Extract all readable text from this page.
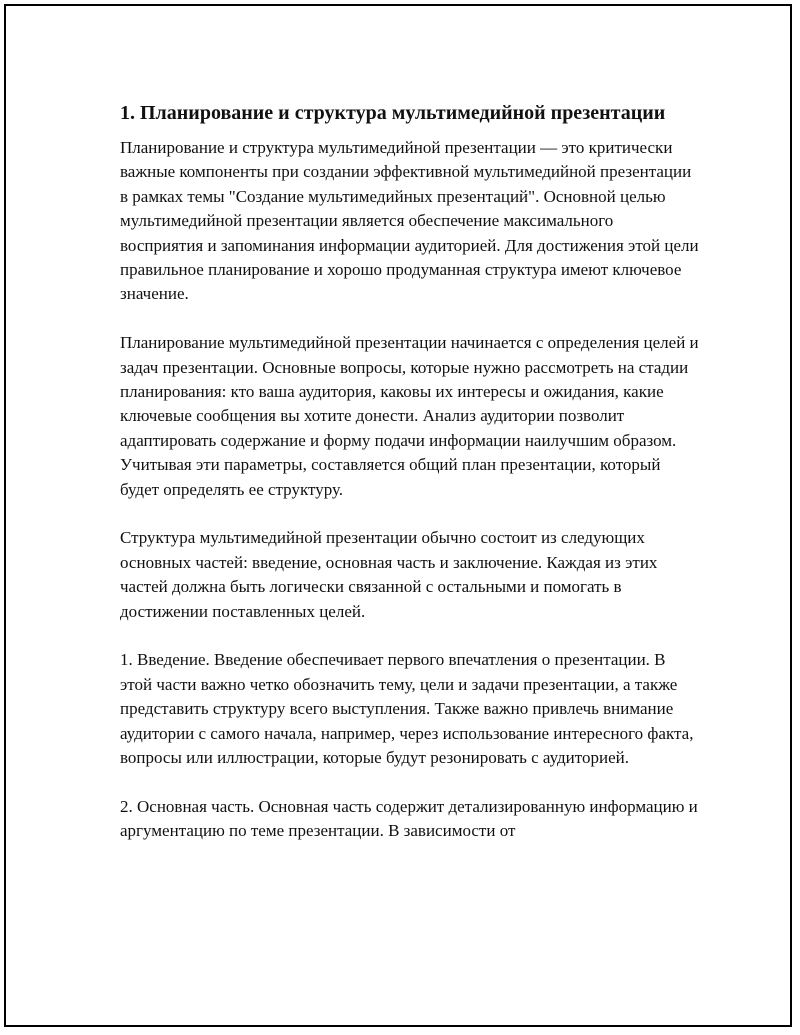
1. Планирование и структура мультимедийной презентации

Планирование и структура мультимедийной презентации — это критически важные компоненты при создании эффективной мультимедийной презентации в рамках темы "Создание мультимедийных презентаций". Основной целью мультимедийной презентации является обеспечение максимального восприятия и запоминания информации аудиторией. Для достижения этой цели правильное планирование и хорошо продуманная структура имеют ключевое значение.

Планирование мультимедийной презентации начинается с определения целей и задач презентации. Основные вопросы, которые нужно рассмотреть на стадии планирования: кто ваша аудитория, каковы их интересы и ожидания, какие ключевые сообщения вы хотите донести. Анализ аудитории позволит адаптировать содержание и форму подачи информации наилучшим образом. Учитывая эти параметры, составляется общий план презентации, который будет определять ее структуру.

Структура мультимедийной презентации обычно состоит из следующих основных частей: введение, основная часть и заключение. Каждая из этих частей должна быть логически связанной с остальными и помогать в достижении поставленных целей.

1. Введение. Введение обеспечивает первого впечатления о презентации. В этой части важно четко обозначить тему, цели и задачи презентации, а также представить структуру всего выступления. Также важно привлечь внимание аудитории с самого начала, например, через использование интересного факта, вопросы или иллюстрации, которые будут резонировать с аудиторией.

2. Основная часть. Основная часть содержит детализированную информацию и аргументацию по теме презентации. В зависимости от
